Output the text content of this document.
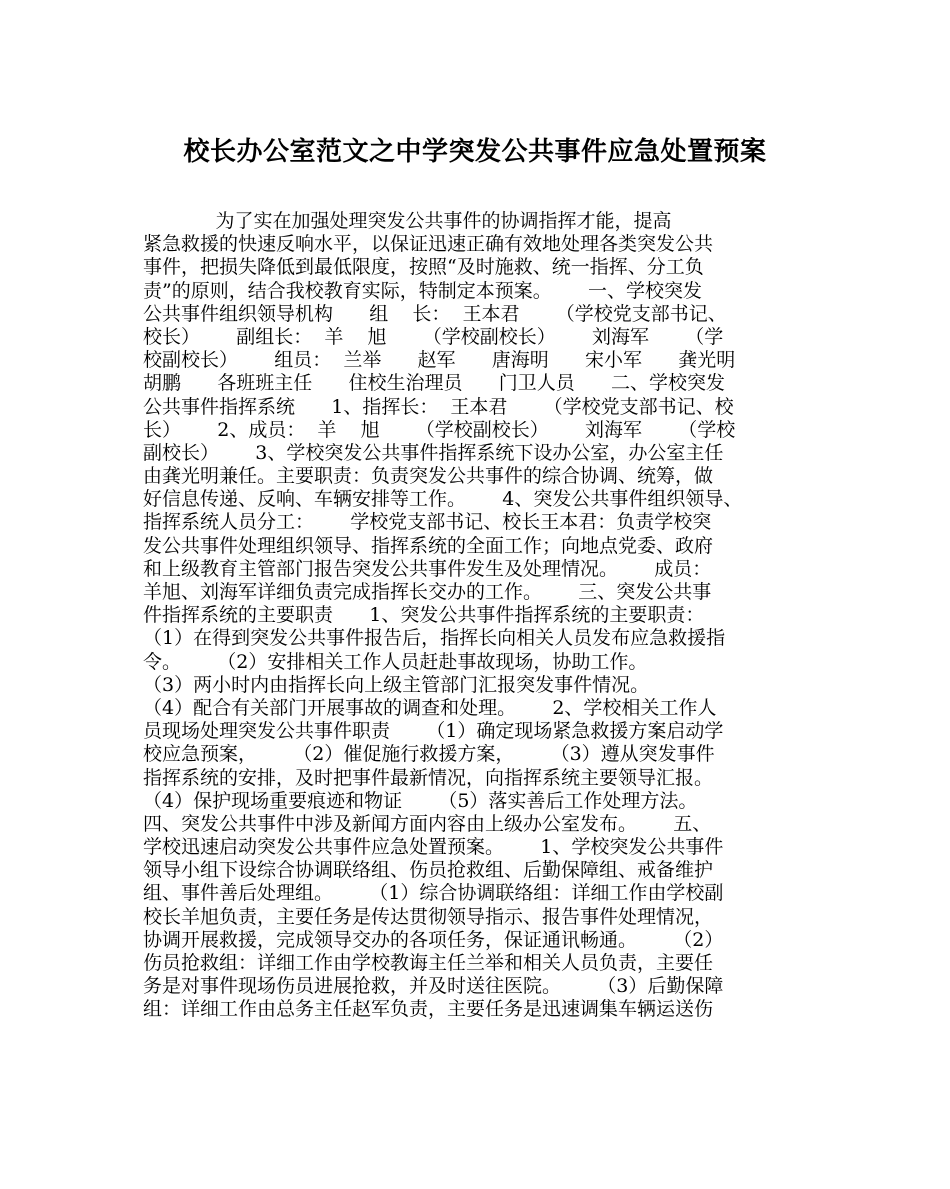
校长办公室范文之中学突发公共事件应急处置预案
为了实在加强处理突发公共事件的协调指挥才能，提高
紧急救援的快速反响水平，以保证迅速正确有效地处理各类突发公共
事件，把损失降低到最低限度，按照“及时施救、统一指挥、分工负
责”的原则，结合我校教育实际，特制定本预案。      一、学校突发
公共事件组织领导机构      组    长：  王本君      （学校党支部书记、
校长）      副组长：  羊    旭      （学校副校长）      刘海军      （学
校副校长）      组员：  兰举      赵军      唐海明      宋小军      龚光明
胡鹏      各班班主任      住校生治理员      门卫人员      二、学校突发
公共事件指挥系统      1、指挥长：  王本君      （学校党支部书记、校
长）      2、成员：  羊    旭      （学校副校长）      刘海军      （学校
副校长）      3、学校突发公共事件指挥系统下设办公室，办公室主任
由龚光明兼任。主要职责：负责突发公共事件的综合协调、统筹，做
好信息传递、反响、车辆安排等工作。      4、突发公共事件组织领导、
指挥系统人员分工：      学校党支部书记、校长王本君：负责学校突
发公共事件处理组织领导、指挥系统的全面工作；向地点党委、政府
和上级教育主管部门报告突发公共事件发生及处理情况。      成员：
羊旭、刘海军详细负责完成指挥长交办的工作。      三、突发公共事
件指挥系统的主要职责      1、突发公共事件指挥系统的主要职责：
（1）在得到突发公共事件报告后，指挥长向相关人员发布应急救援指
令。      （2）安排相关工作人员赶赴事故现场，协助工作。
（3）两小时内由指挥长向上级主管部门汇报突发事件情况。
（4）配合有关部门开展事故的调查和处理。      2、学校相关工作人
员现场处理突发公共事件职责      （1）确定现场紧急救援方案启动学
校应急预案，      （2）催促施行救援方案，      （3）遵从突发事件
指挥系统的安排，及时把事件最新情况，向指挥系统主要领导汇报。
（4）保护现场重要痕迹和物证      （5）落实善后工作处理方法。
四、突发公共事件中涉及新闻方面内容由上级办公室发布。      五、
学校迅速启动突发公共事件应急处置预案。      1、学校突发公共事件
领导小组下设综合协调联络组、伤员抢救组、后勤保障组、戒备维护
组、事件善后处理组。      （1）综合协调联络组：详细工作由学校副
校长羊旭负责，主要任务是传达贯彻领导指示、报告事件处理情况，
协调开展救援，完成领导交办的各项任务，保证通讯畅通。      （2）
伤员抢救组：详细工作由学校教诲主任兰举和相关人员负责，主要任
务是对事件现场伤员进展抢救，并及时送往医院。      （3）后勤保障
组：详细工作由总务主任赵军负责，主要任务是迅速调集车辆运送伤
